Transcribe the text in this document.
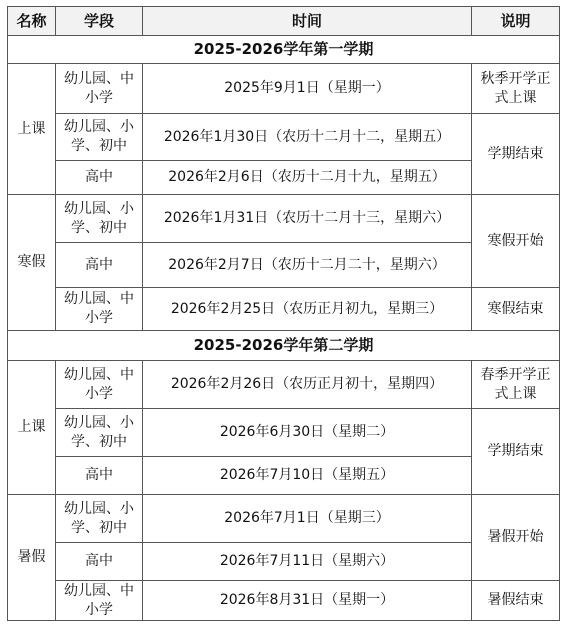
名称	学段	时间	说明
2025-2026学年第一学期			
上课	幼儿园、中小学	2025年9月1日（星期一）	秋季开学正式上课
	幼儿园、小学、初中	2026年1月30日（农历十二月十二，星期五）	学期结束
	高中	2026年2月6日（农历十二月十九，星期五）	
寒假	幼儿园、小学、初中	2026年1月31日（农历十二月十三，星期六）	寒假开始
	高中	2026年2月7日（农历十二月二十，星期六）	
	幼儿园、中小学	2026年2月25日（农历正月初九，星期三）	寒假结束
2025-2026学年第二学期			
上课	幼儿园、中小学	2026年2月26日（农历正月初十，星期四）	春季开学正式上课
	幼儿园、小学、初中	2026年6月30日（星期二）	学期结束
	高中	2026年7月10日（星期五）	
暑假	幼儿园、小学、初中	2026年7月1日（星期三）	暑假开始
	高中	2026年7月11日（星期六）	
	幼儿园、中小学	2026年8月31日（星期一）	暑假结束
